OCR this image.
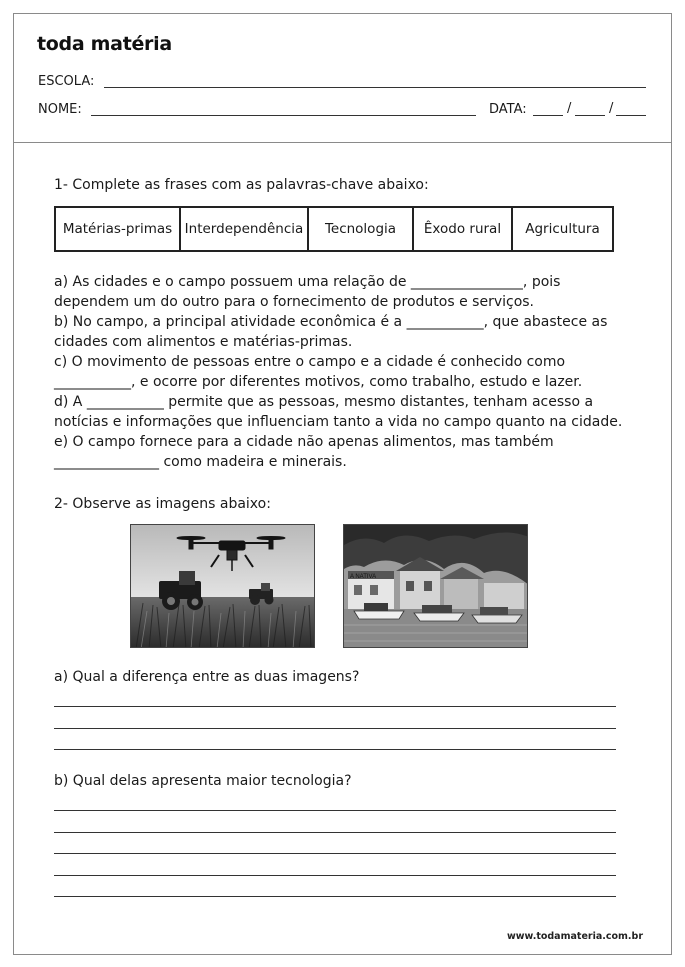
toda matéria
ESCOLA:
NOME:	DATA:	/	/
1- Complete as frases com as palavras-chave abaixo:
Matérias-primas Interdependência	Tecnologia	Êxodo rural	Agricultura

a) As cidades e o campo possuem uma relação de ________________, pois

dependem um do outro para o fornecimento de produtos e serviços.

b) No campo, a principal atividade econômica é a ___________, que abastece as

cidades com alimentos e matérias-primas.

c) O movimento de pessoas entre o campo e a cidade é conhecido como

___________, e ocorre por diferentes motivos, como trabalho, estudo e lazer.

d) A ___________ permite que as pessoas, mesmo distantes, tenham acesso a

notícias e informações que influenciam tanto a vida no campo quanto na cidade.

e) O campo fornece para a cidade não apenas alimentos, mas também

_______________ como madeira e minerais.

2- Observe as imagens abaixo:
A NATIVA
a) Qual a diferença entre as duas imagens?
b) Qual delas apresenta maior tecnologia?
www.todamateria.com.br
